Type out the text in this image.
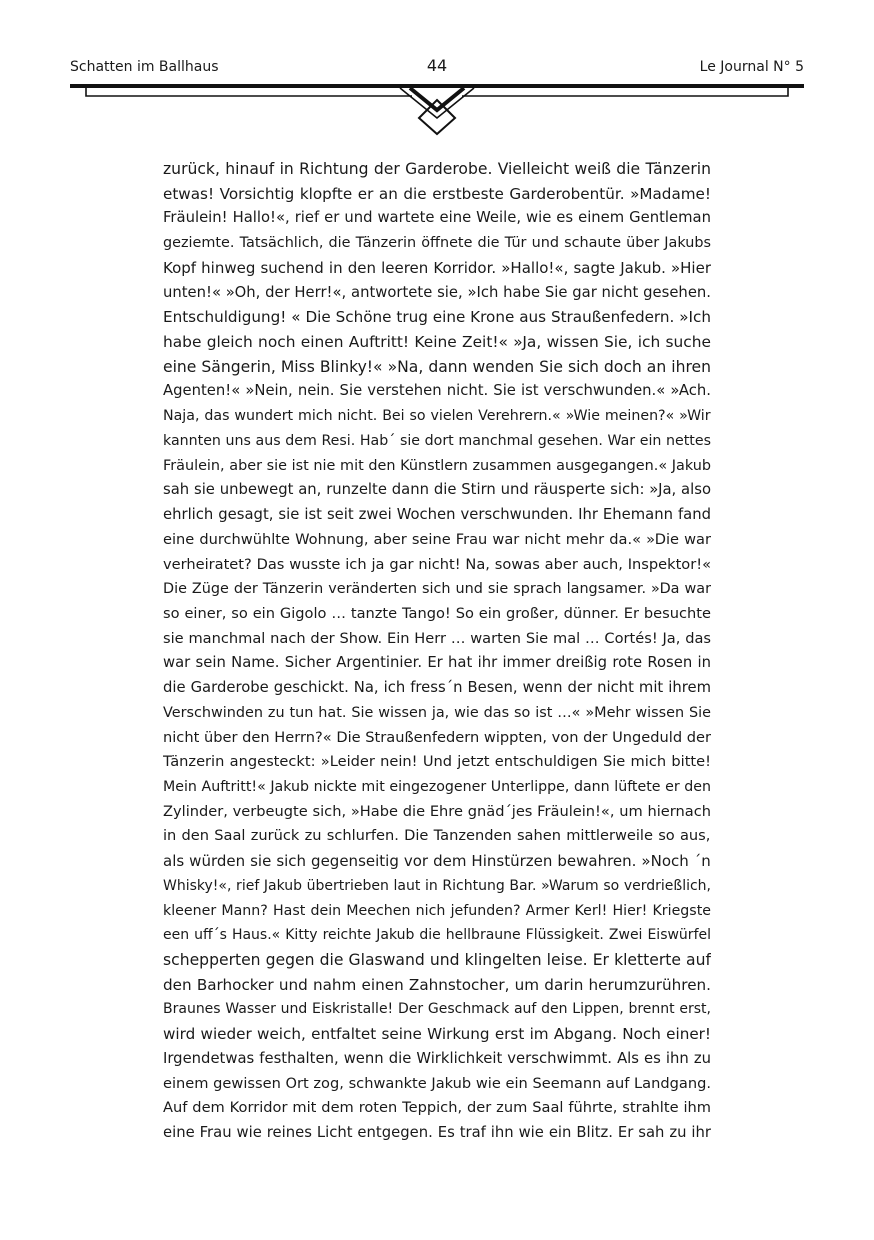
Schatten im Ballhaus	44	Le Journal N° 5
zurück, hinauf in Richtung der Garderobe. Vielleicht weiß die Tänzerin
etwas! Vorsichtig klopfte er an die erstbeste Garderobentür. »Madame!
Fräulein! Hallo!«, rief er und wartete eine Weile, wie es einem Gentleman
geziemte. Tatsächlich, die Tänzerin öffnete die Tür und schaute über Jakubs
Kopf hinweg suchend in den leeren Korridor. »Hallo!«, sagte Jakub. »Hier
unten!« »Oh, der Herr!«, antwortete sie, »Ich habe Sie gar nicht gesehen.
Entschuldigung! « Die Schöne trug eine Krone aus Straußenfedern. »Ich
habe gleich noch einen Auftritt! Keine Zeit!« »Ja, wissen Sie, ich suche
eine Sängerin, Miss Blinky!« »Na, dann wenden Sie sich doch an ihren
Agenten!« »Nein, nein. Sie verstehen nicht. Sie ist verschwunden.« »Ach.
Naja, das wundert mich nicht. Bei so vielen Verehrern.« »Wie meinen?« »Wir
kannten uns aus dem Resi. Hab´ sie dort manchmal gesehen. War ein nettes
Fräulein, aber sie ist nie mit den Künstlern zusammen ausgegangen.« Jakub
sah sie unbewegt an, runzelte dann die Stirn und räusperte sich: »Ja, also
ehrlich gesagt, sie ist seit zwei Wochen verschwunden. Ihr Ehemann fand
eine durchwühlte Wohnung, aber seine Frau war nicht mehr da.« »Die war
verheiratet? Das wusste ich ja gar nicht! Na, sowas aber auch, Inspektor!«
Die Züge der Tänzerin veränderten sich und sie sprach langsamer. »Da war
so einer, so ein Gigolo … tanzte Tango! So ein großer, dünner. Er besuchte
sie manchmal nach der Show. Ein Herr … warten Sie mal … Cortés! Ja, das
war sein Name. Sicher Argentinier. Er hat ihr immer dreißig rote Rosen in
die Garderobe geschickt. Na, ich fress´n Besen, wenn der nicht mit ihrem
Verschwinden zu tun hat. Sie wissen ja, wie das so ist …« »Mehr wissen Sie
nicht über den Herrn?« Die Straußenfedern wippten, von der Ungeduld der
Tänzerin angesteckt: »Leider nein! Und jetzt entschuldigen Sie mich bitte!
Mein Auftritt!« Jakub nickte mit eingezogener Unterlippe, dann lüftete er den
Zylinder, verbeugte sich, »Habe die Ehre gnäd´jes Fräulein!«, um hiernach
in den Saal zurück zu schlurfen. Die Tanzenden sahen mittlerweile so aus,
als würden sie sich gegenseitig vor dem Hinstürzen bewahren. »Noch ´n
Whisky!«, rief Jakub übertrieben laut in Richtung Bar. »Warum so verdrießlich,
kleener Mann? Hast dein Meechen nich jefunden? Armer Kerl! Hier! Kriegste
een uff´s Haus.« Kitty reichte Jakub die hellbraune Flüssigkeit. Zwei Eiswürfel
schepperten gegen die Glaswand und klingelten leise. Er kletterte auf
den Barhocker und nahm einen Zahnstocher, um darin herumzurühren.
Braunes Wasser und Eiskristalle! Der Geschmack auf den Lippen, brennt erst,
wird wieder weich, entfaltet seine Wirkung erst im Abgang. Noch einer!
Irgendetwas festhalten, wenn die Wirklichkeit verschwimmt. Als es ihn zu
einem gewissen Ort zog, schwankte Jakub wie ein Seemann auf Landgang.
Auf dem Korridor mit dem roten Teppich, der zum Saal führte, strahlte ihm
eine Frau wie reines Licht entgegen. Es traf ihn wie ein Blitz. Er sah zu ihr
